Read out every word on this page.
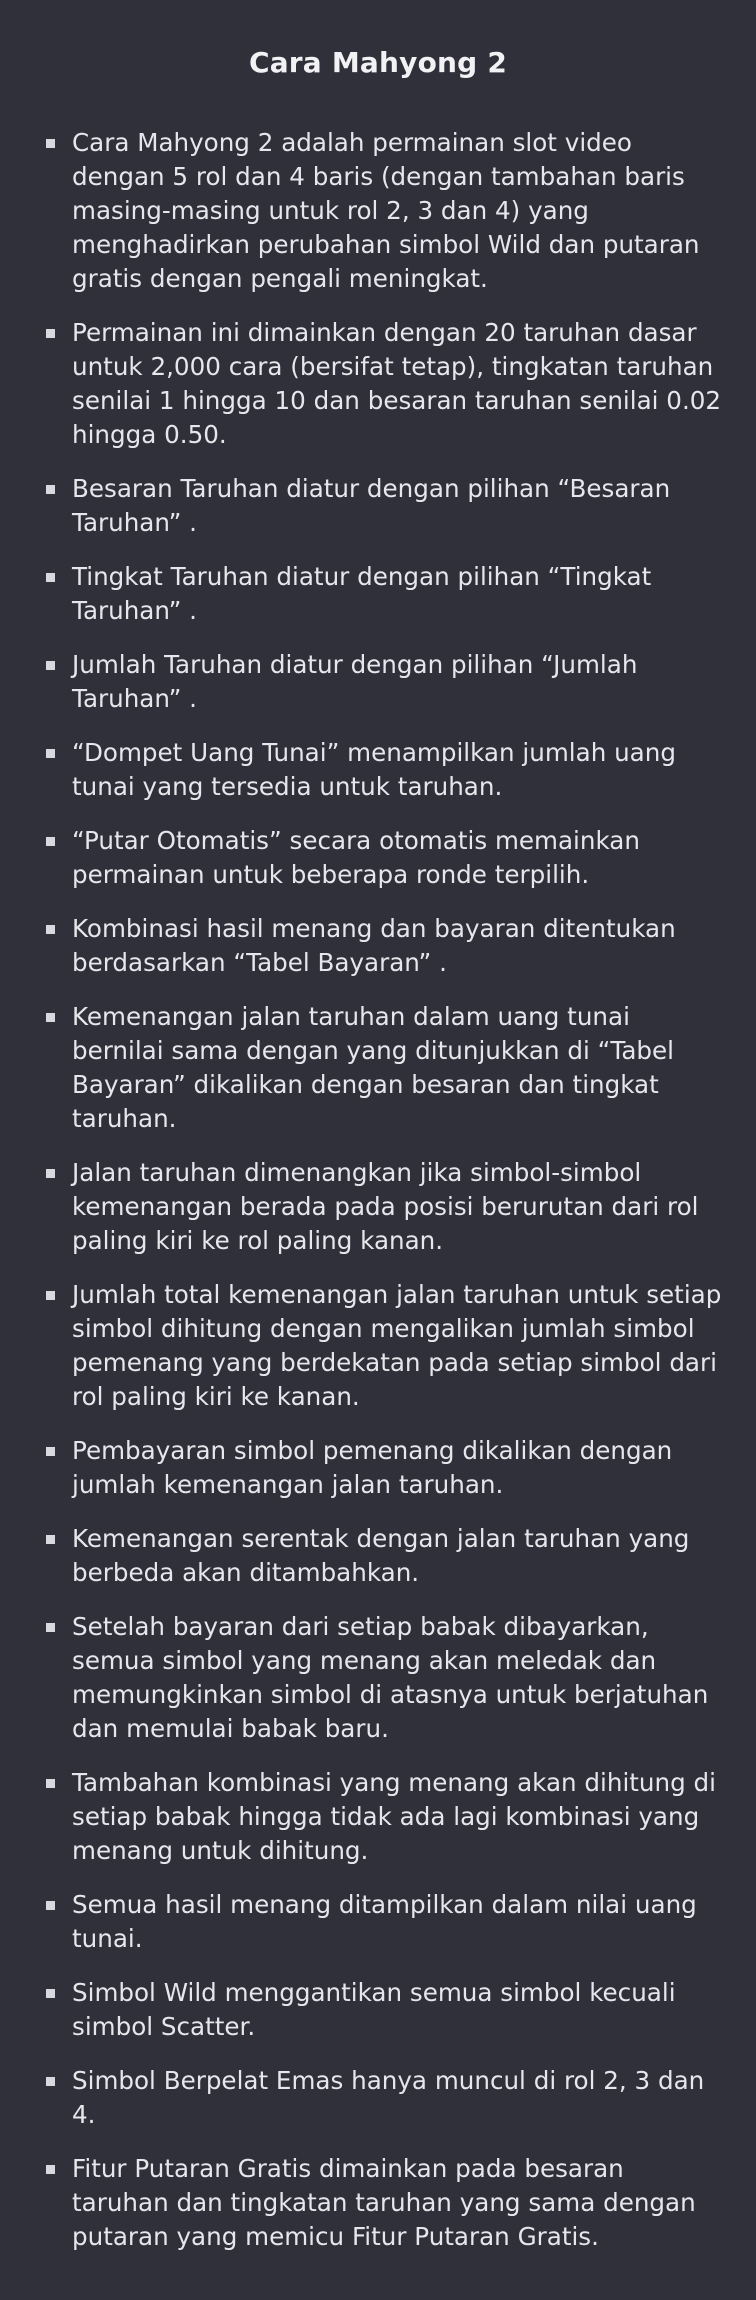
Cara Mahyong 2
Cara Mahyong 2 adalah permainan slot video dengan 5 rol dan 4 baris (dengan tambahan baris masing-masing untuk rol 2, 3 dan 4) yang menghadirkan perubahan simbol Wild dan putaran gratis dengan pengali meningkat.
Permainan ini dimainkan dengan 20 taruhan dasar untuk 2,000 cara (bersifat tetap), tingkatan taruhan senilai 1 hingga 10 dan besaran taruhan senilai 0.02 hingga 0.50.
Besaran Taruhan diatur dengan pilihan “Besaran Taruhan” .
Tingkat Taruhan diatur dengan pilihan “Tingkat Taruhan” .
Jumlah Taruhan diatur dengan pilihan “Jumlah Taruhan” .
“Dompet Uang Tunai” menampilkan jumlah uang tunai yang tersedia untuk taruhan.
“Putar Otomatis” secara otomatis memainkan permainan untuk beberapa ronde terpilih.
Kombinasi hasil menang dan bayaran ditentukan berdasarkan “Tabel Bayaran” .
Kemenangan jalan taruhan dalam uang tunai bernilai sama dengan yang ditunjukkan di “Tabel Bayaran” dikalikan dengan besaran dan tingkat taruhan.
Jalan taruhan dimenangkan jika simbol-simbol kemenangan berada pada posisi berurutan dari rol paling kiri ke rol paling kanan.
Jumlah total kemenangan jalan taruhan untuk setiap simbol dihitung dengan mengalikan jumlah simbol pemenang yang berdekatan pada setiap simbol dari rol paling kiri ke kanan.
Pembayaran simbol pemenang dikalikan dengan jumlah kemenangan jalan taruhan.
Kemenangan serentak dengan jalan taruhan yang berbeda akan ditambahkan.
Setelah bayaran dari setiap babak dibayarkan, semua simbol yang menang akan meledak dan memungkinkan simbol di atasnya untuk berjatuhan dan memulai babak baru.
Tambahan kombinasi yang menang akan dihitung di setiap babak hingga tidak ada lagi kombinasi yang menang untuk dihitung.
Semua hasil menang ditampilkan dalam nilai uang tunai.
Simbol Wild menggantikan semua simbol kecuali simbol Scatter.
Simbol Berpelat Emas hanya muncul di rol 2, 3 dan 4.
Fitur Putaran Gratis dimainkan pada besaran taruhan dan tingkatan taruhan yang sama dengan putaran yang memicu Fitur Putaran Gratis.
